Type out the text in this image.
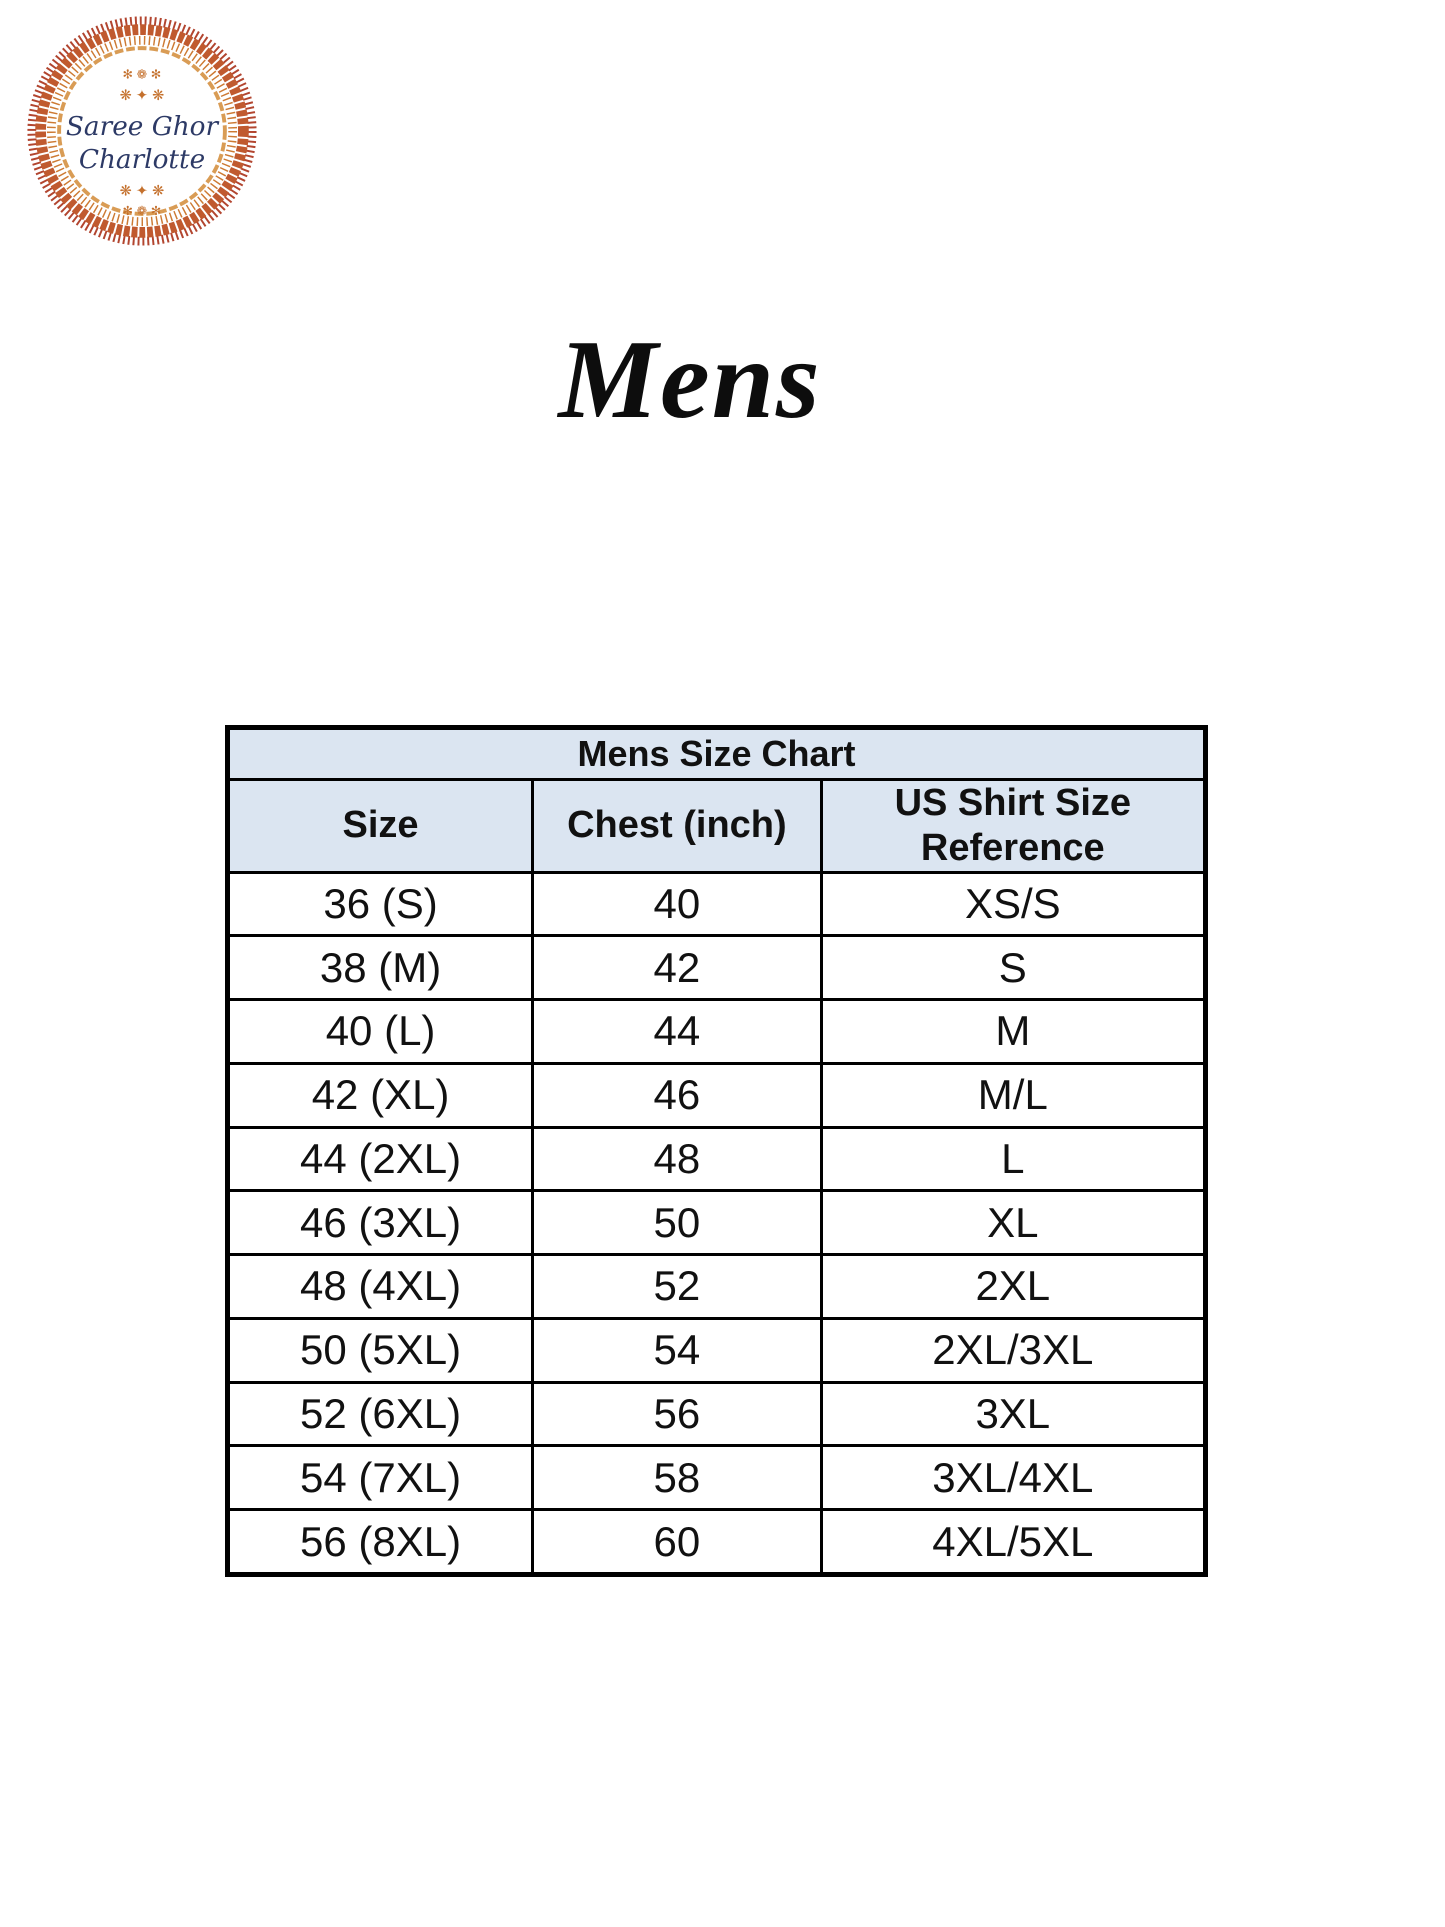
✻ ❁ ✻
❋ ✦ ❋
Saree Ghor
Charlotte
❋ ✦ ❋
✻ ❁ ✻
Mens
Mens Size Chart		
Size	Chest (inch)	US Shirt Size Reference

36 (S)	40	XS/S
38 (M)	42	S
40 (L)	44	M
42 (XL)	46	M/L
44 (2XL)	48	L
46 (3XL)	50	XL
48 (4XL)	52	2XL
50 (5XL)	54	2XL/3XL
52 (6XL)	56	3XL
54 (7XL)	58	3XL/4XL
56 (8XL)	60	4XL/5XL
